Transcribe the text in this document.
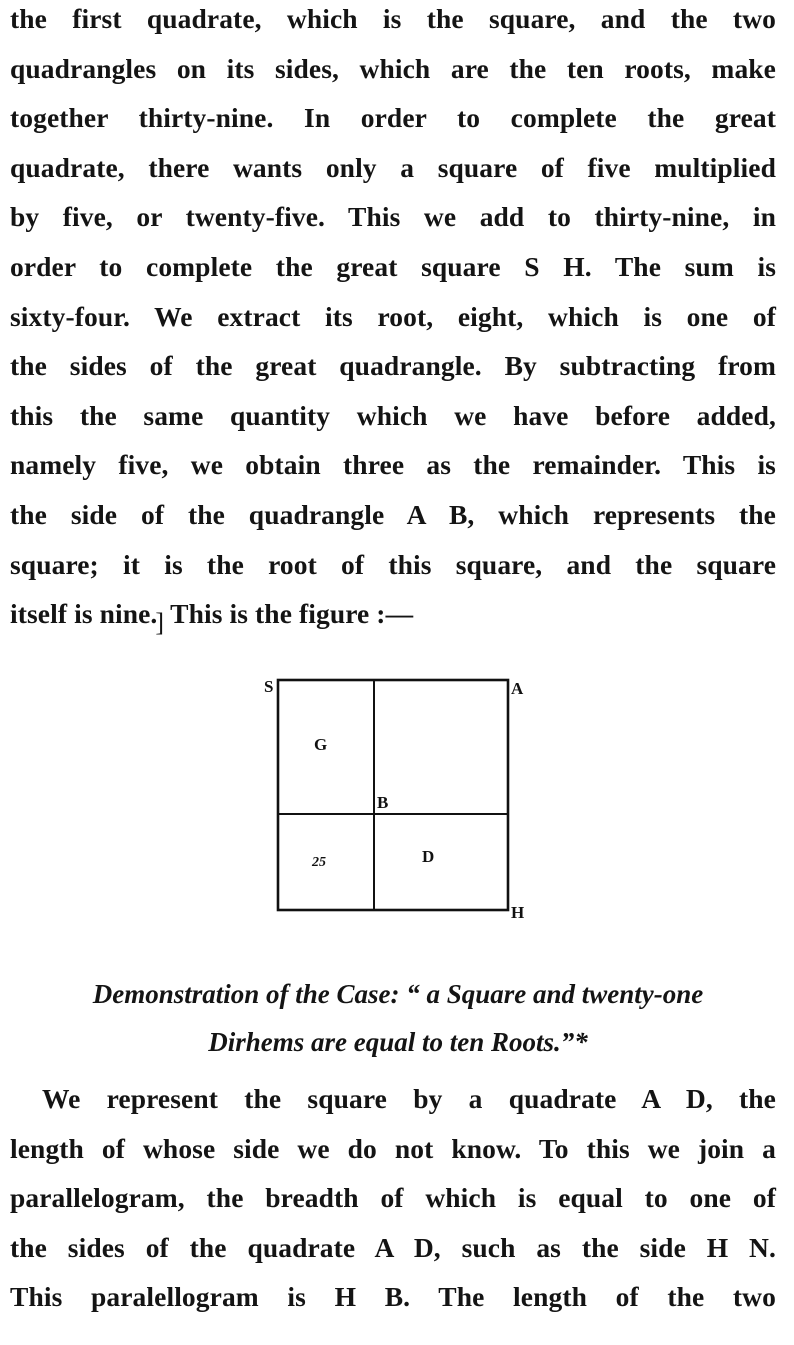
the first quadrate, which is the square, and the two
quadrangles on its sides, which are the ten roots, make
together thirty-nine. In order to complete the great
quadrate, there wants only a square of five multiplied
by five, or twenty-five. This we add to thirty-nine, in
order to complete the great square S H. The sum is
sixty-four. We extract its root, eight, which is one of
the sides of the great quadrangle. By subtracting from
this the same quantity which we have before added,
namely five, we obtain three as the remainder. This is
the side of the quadrangle A B, which represents the
square; it is the root of this square, and the square
itself is nine.] This is the figure :—
S	A
G
B
25	D
H
Demonstration of the Case: “ a Square and twenty-one
Dirhems are equal to ten Roots.”*
We represent the square by a quadrate A D, the
length of whose side we do not know. To this we join a
parallelogram, the breadth of which is equal to one of
the sides of the quadrate A D, such as the side H N.
This paralellogram is H B. The length of the two
